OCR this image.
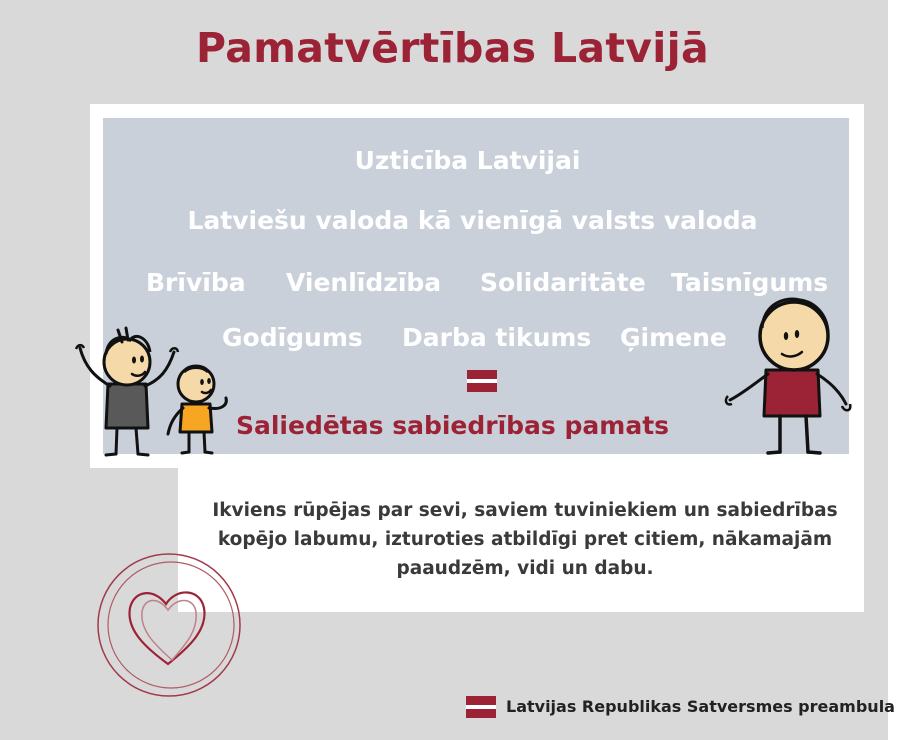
Pamatvērtības Latvijā
Uzticība Latvijai
Latviešu valoda kā vienīgā valsts valoda
Brīvība Vienlīdzība Solidaritāte Taisnīgums
Godīgums Darba tikums Ģimene
Saliedētas sabiedrības pamats
Ikviens rūpējas par sevi, saviem tuviniekiem un sabiedrības kopējo labumu, izturoties atbildīgi pret citiem, nākamajām paaudzēm, vidi un dabu.
Latvijas Republikas Satversmes preambula
